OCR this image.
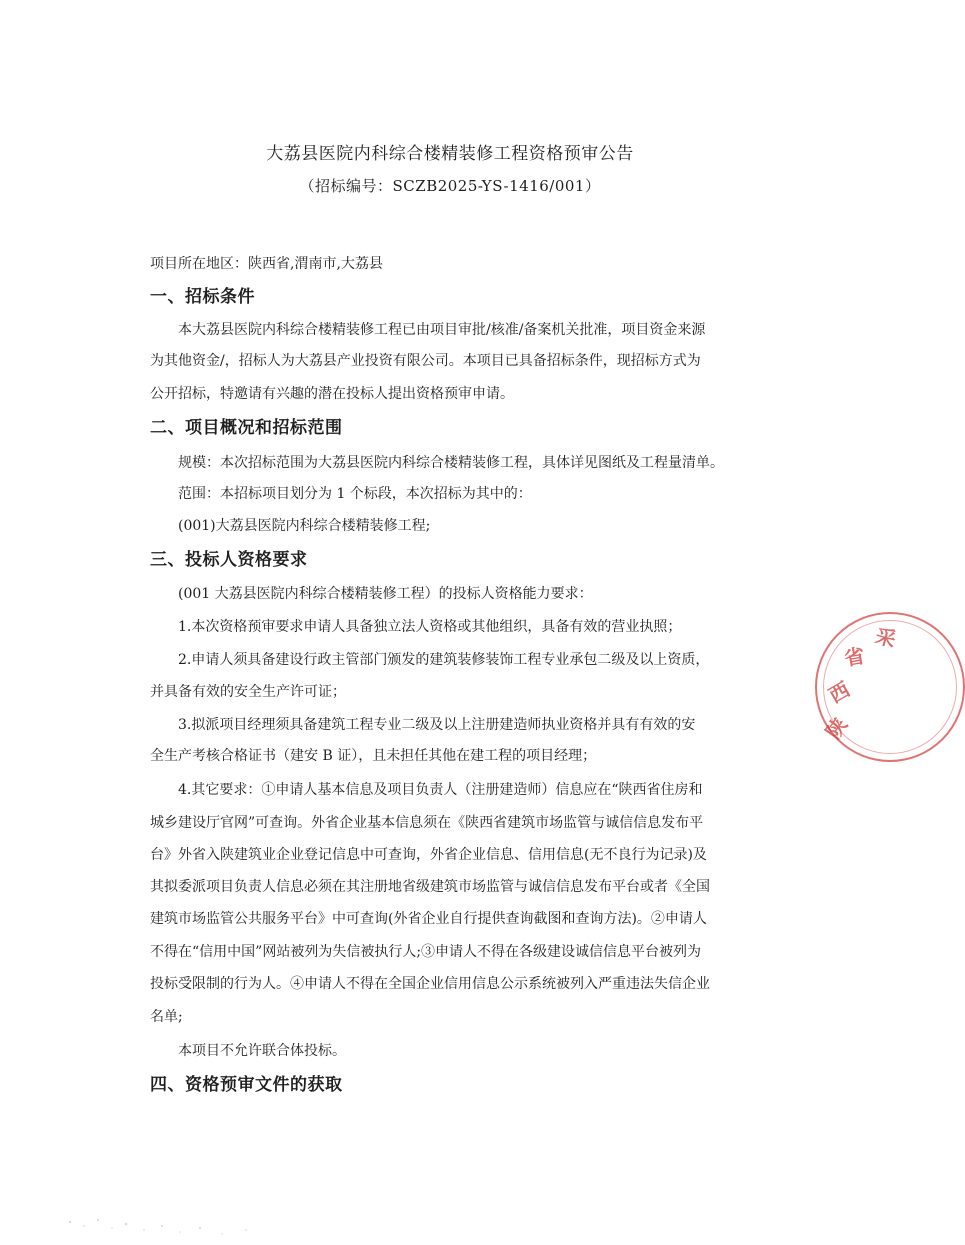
大荔县医院内科综合楼精装修工程资格预审公告
（招标编号：SCZB2025-YS-1416/001）
项目所在地区：陕西省,渭南市,大荔县
一、招标条件
本大荔县医院内科综合楼精装修工程已由项目审批/核准/备案机关批准，项目资金来源
为其他资金/，招标人为大荔县产业投资有限公司。本项目已具备招标条件，现招标方式为
公开招标，特邀请有兴趣的潜在投标人提出资格预审申请。
二、项目概况和招标范围
规模：本次招标范围为大荔县医院内科综合楼精装修工程，具体详见图纸及工程量清单。
范围：本招标项目划分为 1 个标段，本次招标为其中的：
(001)大荔县医院内科综合楼精装修工程;
三、投标人资格要求
(001 大荔县医院内科综合楼精装修工程）的投标人资格能力要求：
1.本次资格预审要求申请人具备独立法人资格或其他组织，具备有效的营业执照；
2.申请人须具备建设行政主管部门颁发的建筑装修装饰工程专业承包二级及以上资质，
并具备有效的安全生产许可证；
3.拟派项目经理须具备建筑工程专业二级及以上注册建造师执业资格并具有有效的安
全生产考核合格证书（建安 B 证），且未担任其他在建工程的项目经理；
4.其它要求：①申请人基本信息及项目负责人（注册建造师）信息应在“陕西省住房和
城乡建设厅官网”可查询。外省企业基本信息须在《陕西省建筑市场监管与诚信信息发布平
台》外省入陕建筑业企业登记信息中可查询，外省企业信息、信用信息(无不良行为记录)及
其拟委派项目负责人信息必须在其注册地省级建筑市场监管与诚信信息发布平台或者《全国
建筑市场监管公共服务平台》中可查询(外省企业自行提供查询截图和查询方法)。②申请人
不得在“信用中国”网站被列为失信被执行人;③申请人不得在各级建设诚信信息平台被列为
投标受限制的行为人。④申请人不得在全国企业信用信息公示系统被列入严重违法失信企业
名单;
本项目不允许联合体投标。
四、资格预审文件的获取
陕
西
省
采
